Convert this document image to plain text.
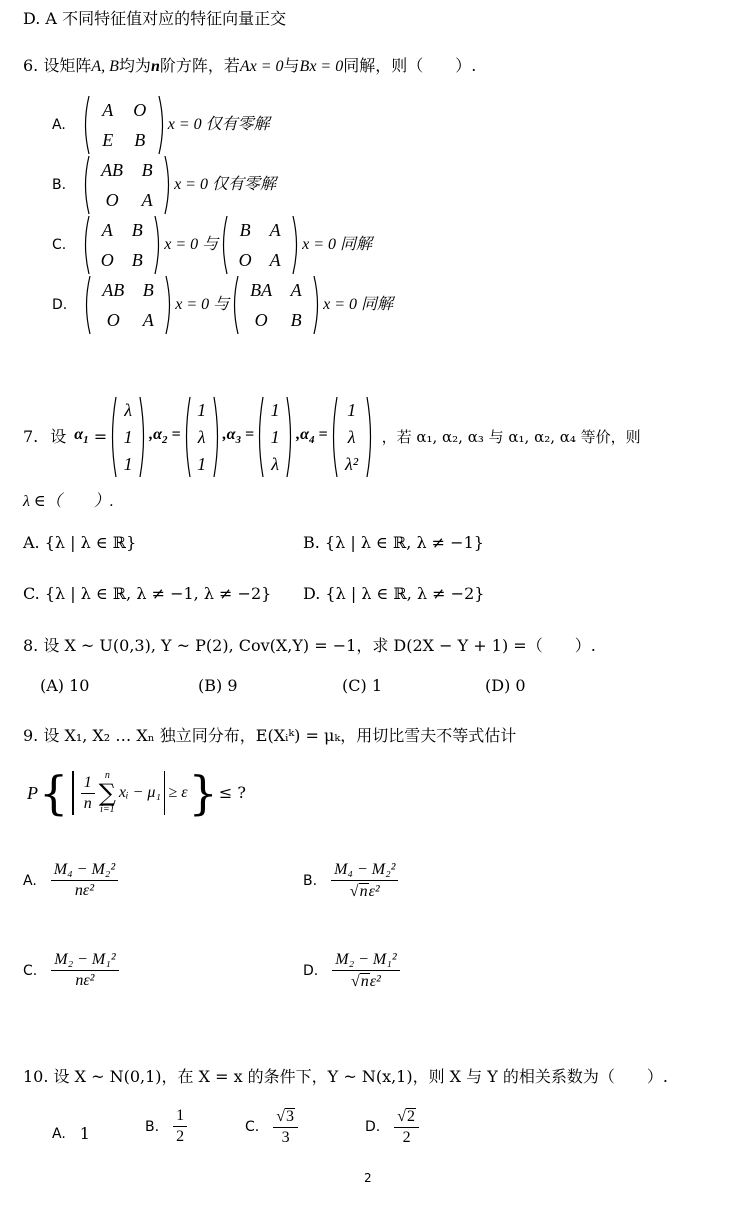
D. A 不同特征值对应的特征向量正交
6. 设矩阵A, B均为n阶方阵，若Ax = 0与Bx = 0同解，则（　　）.
A.
A O
E B
x = 0 仅有零解
B.
AB B
O A
x = 0 仅有零解
C.
A B
O B
x = 0 与
B A
O A
x = 0 同解
D.
AB B
O A
x = 0 与
BA A
O B
x = 0 同解
7. 设 $\alpha_1$ =
λ
1
1
$,\alpha_2$ =
1
λ
1
$,\alpha_3$ =
1
1
λ
$,\alpha_4$ =
1
λ
λ²
，若 α₁, α₂, α₃ 与 α₁, α₂, α₄ 等价，则
λ ∈（　　）.
A. {λ | λ ∈ ℝ}	B. {λ | λ ∈ ℝ, λ ≠ −1}
C. {λ | λ ∈ ℝ, λ ≠ −1, λ ≠ −2} D. {λ | λ ∈ ℝ, λ ≠ −2}
8. 设 X ~ U(0,3), Y ~ P(2), Cov(X,Y) = −1，求 D(2X − Y + 1) =（　　）.
(A) 10	(B) 9	(C) 1	(D) 0
9. 设 X₁, X₂ … Xₙ 独立同分布，E(Xᵢᵏ) = μₖ，用切比雪夫不等式估计
P { $\frac{1}{n}$ n
∑
i=1
xᵢ − μ₁ ≥ ε } ≤ ?
A. $\frac{\text{M₄ − M₂²}}{\text{nε²}}$	B. $\frac{\text{M₄ − M₂²}}{\text{√ n ε²}}$
C. $\frac{\text{M₂ − M₁²}}{\text{nε²}}$	D. $\frac{\text{M₂ − M₁²}}{\text{√ n ε²}}$
10. 设 X ~ N(0,1)，在 X = x 的条件下，Y ~ N(x,1)，则 X 与 Y 的相关系数为（　　）.
A. 1	B. $\frac{1}{2}$	C. $\frac{√ 3}{3}$	D. $\frac{√ 2}{2}$
2
